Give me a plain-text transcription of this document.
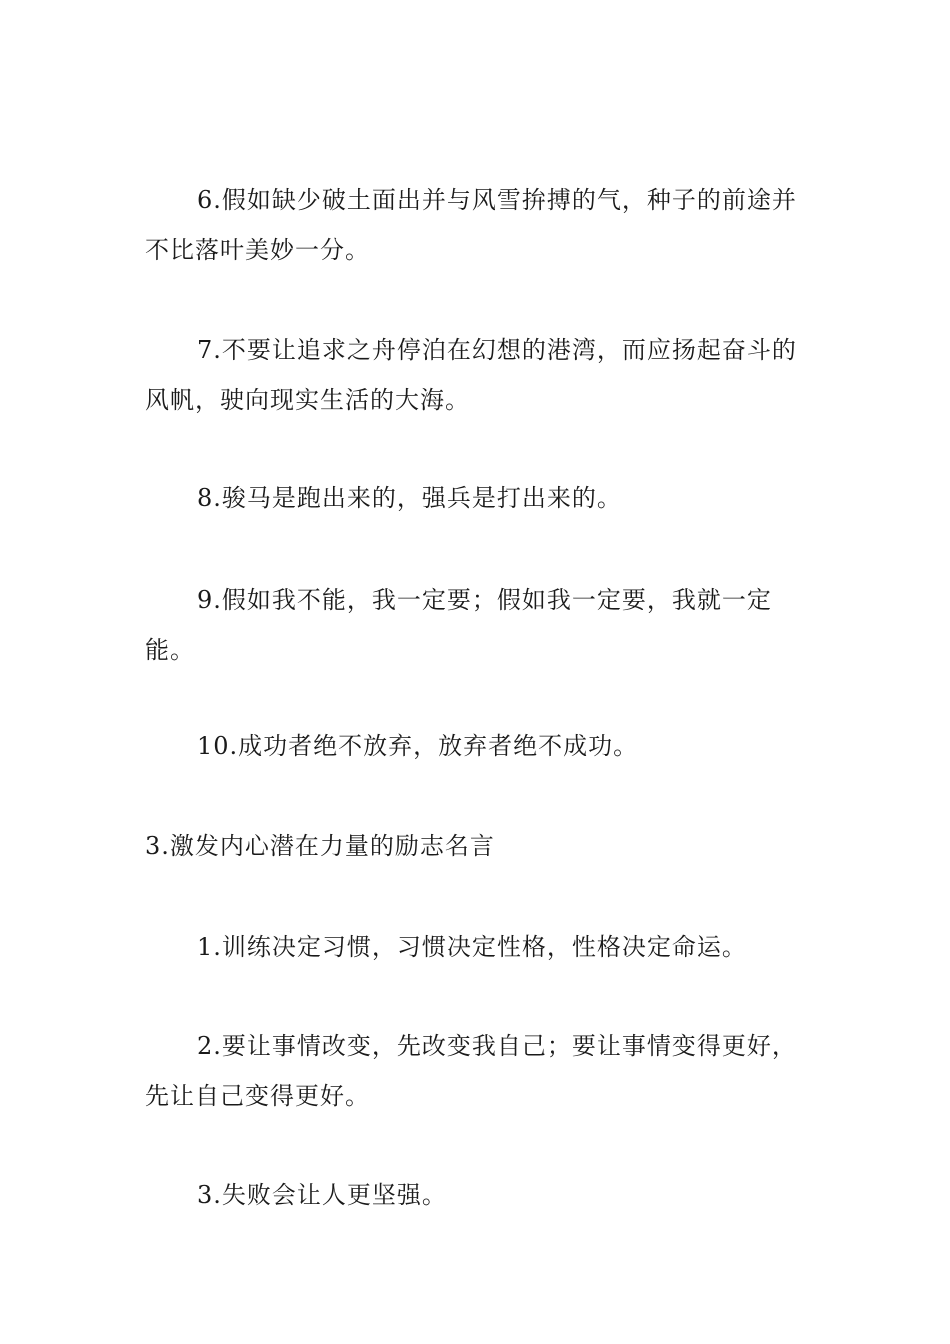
6.假如缺少破土面出并与风雪拚搏的气，种子的前途并不比落叶美妙一分。

7.不要让追求之舟停泊在幻想的港湾，而应扬起奋斗的风帆，驶向现实生活的大海。

8.骏马是跑出来的，强兵是打出来的。

9.假如我不能，我一定要；假如我一定要，我就一定能。

10.成功者绝不放弃，放弃者绝不成功。

3.激发内心潜在力量的励志名言

1.训练决定习惯，习惯决定性格，性格决定命运。

2.要让事情改变，先改变我自己；要让事情变得更好，先让自己变得更好。

3.失败会让人更坚强。
